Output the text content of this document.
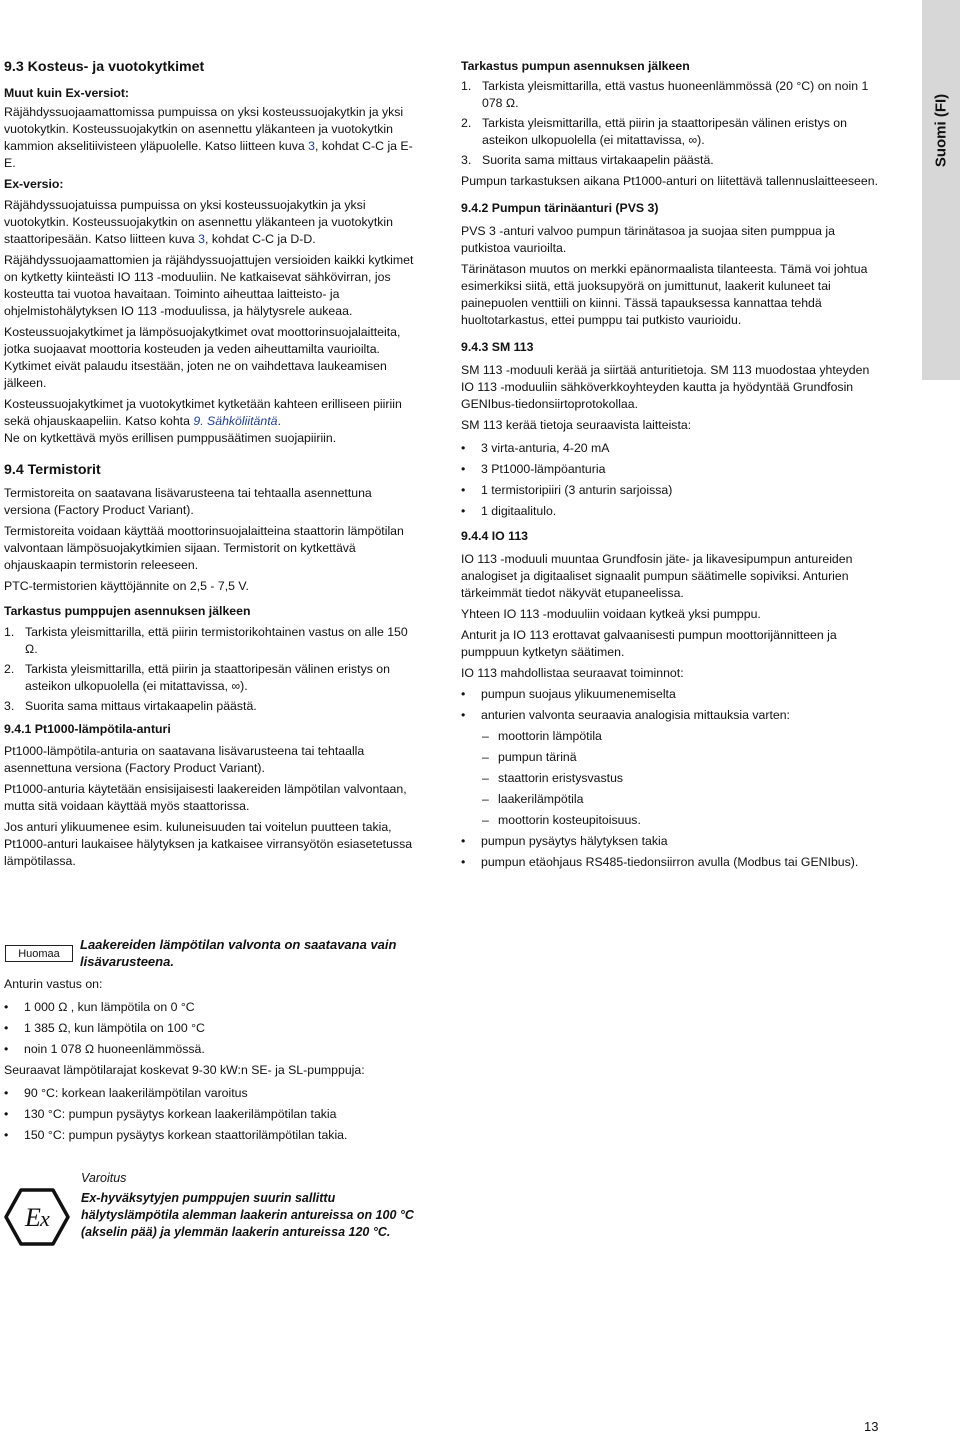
Suomi (FI)
9.3 Kosteus- ja vuotokytkimet
Muut kuin Ex-versiot:

Räjähdyssuojaamattomissa pumpuissa on yksi kosteussuojakytkin ja yksi vuotokytkin. Kosteussuojakytkin on asennettu yläkanteen ja vuotokytkin kammion akselitiivisteen yläpuolelle. Katso liitteen kuva 3, kohdat C-C ja E-E.

Ex-versio:

Räjähdyssuojatuissa pumpuissa on yksi kosteussuojakytkin ja yksi vuotokytkin. Kosteussuojakytkin on asennettu yläkanteen ja vuotokytkin staattoripesään. Katso liitteen kuva 3, kohdat C-C ja D-D.

Räjähdyssuojaamattomien ja räjähdyssuojattujen versioiden kaikki kytkimet on kytketty kiinteästi IO 113 -moduuliin. Ne katkaisevat sähkövirran, jos kosteutta tai vuotoa havaitaan. Toiminto aiheuttaa laitteisto- ja ohjelmistohälytyksen IO 113 -moduulissa, ja hälytysrele aukeaa.

Kosteussuojakytkimet ja lämpösuojakytkimet ovat moottorinsuojalaitteita, jotka suojaavat moottoria kosteuden ja veden aiheuttamilta vaurioilta. Kytkimet eivät palaudu itsestään, joten ne on vaihdettava laukeamisen jälkeen.

Kosteussuojakytkimet ja vuotokytkimet kytketään kahteen erilliseen piiriin sekä ohjauskaapeliin. Katso kohta 9. Sähköliitäntä.

Ne on kytkettävä myös erillisen pumppusäätimen suojapiiriin.

9.4 Termistorit

Termistoreita on saatavana lisävarusteena tai tehtaalla asennettuna versiona (Factory Product Variant).

Termistoreita voidaan käyttää moottorinsuojalaitteina staattorin lämpötilan valvontaan lämpösuojakytkimien sijaan. Termistorit on kytkettävä ohjauskaapin termistorin releeseen.

PTC-termistorien käyttöjännite on 2,5 - 7,5 V.

Tarkastus pumppujen asennuksen jälkeen
1. Tarkista yleismittarilla, että piirin termistorikohtainen vastus on alle 150 Ω.
2. Tarkista yleismittarilla, että piirin ja staattoripesän välinen eristys on asteikon ulkopuolella (ei mitattavissa, ∞).
3. Suorita sama mittaus virtakaapelin päästä.
9.4.1 Pt1000-lämpötila-anturi

Pt1000-lämpötila-anturia on saatavana lisävarusteena tai tehtaalla asennettuna versiona (Factory Product Variant).

Pt1000-anturia käytetään ensisijaisesti laakereiden lämpötilan valvontaan, mutta sitä voidaan käyttää myös staattorissa.

Jos anturi ylikuumenee esim. kuluneisuuden tai voitelun puutteen takia, Pt1000-anturi laukaisee hälytyksen ja katkaisee virransyötön esiasetetussa lämpötilassa.

Huomaa
Laakereiden lämpötilan valvonta on saatavana vain lisävarusteena.

Anturin vastus on:

• 1 000 Ω , kun lämpötila on 0 °C
• 1 385 Ω, kun lämpötila on 100 °C
• noin 1 078 Ω huoneenlämmössä.

Seuraavat lämpötilarajat koskevat 9-30 kW:n SE- ja SL-pumppuja:

• 90 °C: korkean laakerilämpötilan varoitus
• 130 °C: pumpun pysäytys korkean laakerilämpötilan takia
• 150 °C: pumpun pysäytys korkean staattorilämpötilan takia.
E x
Varoitus
Ex-hyväksytyjen pumppujen suurin sallittu hälytyslämpötila alemman laakerin antureissa on 100 °C (akselin pää) ja ylemmän laakerin antureissa 120 °C.
Tarkastus pumpun asennuksen jälkeen
1. Tarkista yleismittarilla, että vastus huoneenlämmössä (20 °C) on noin 1 078 Ω.
2. Tarkista yleismittarilla, että piirin ja staattoripesän välinen eristys on asteikon ulkopuolella (ei mitattavissa, ∞).
3. Suorita sama mittaus virtakaapelin päästä.

Pumpun tarkastuksen aikana Pt1000-anturi on liitettävä tallennuslaitteeseen.

9.4.2 Pumpun tärinäanturi (PVS 3)

PVS 3 -anturi valvoo pumpun tärinätasoa ja suojaa siten pumppua ja putkistoa vaurioilta.

Tärinätason muutos on merkki epänormaalista tilanteesta. Tämä voi johtua esimerkiksi siitä, että juoksupyörä on jumittunut, laakerit kuluneet tai painepuolen venttiili on kiinni. Tässä tapauksessa kannattaa tehdä huoltotarkastus, ettei pumppu tai putkisto vaurioidu.

9.4.3 SM 113

SM 113 -moduuli kerää ja siirtää anturitietoja. SM 113 muodostaa yhteyden IO 113 -moduuliin sähköverkkoyhteyden kautta ja hyödyntää Grundfosin GENIbus-tiedonsiirtoprotokollaa.

SM 113 kerää tietoja seuraavista laitteista:

• 3 virta-anturia, 4-20 mA
• 3 Pt1000-lämpöanturia
• 1 termistoripiiri (3 anturin sarjoissa)
• 1 digitaalitulo.
9.4.4 IO 113

IO 113 -moduuli muuntaa Grundfosin jäte- ja likavesipumpun antureiden analogiset ja digitaaliset signaalit pumpun säätimelle sopiviksi. Anturien tärkeimmät tiedot näkyvät etupaneelissa.

Yhteen IO 113 -moduuliin voidaan kytkeä yksi pumppu.

Anturit ja IO 113 erottavat galvaanisesti pumpun moottorijännitteen ja pumppuun kytketyn säätimen.

IO 113 mahdollistaa seuraavat toiminnot:

• pumpun suojaus ylikuumenemiselta
• anturien valvonta seuraavia analogisia mittauksia varten:
– moottorin lämpötila
– pumpun tärinä
– staattorin eristysvastus
– laakerilämpötila
– moottorin kosteupitoisuus.
• pumpun pysäytys hälytyksen takia
• pumpun etäohjaus RS485-tiedonsiirron avulla (Modbus tai GENIbus).
13
